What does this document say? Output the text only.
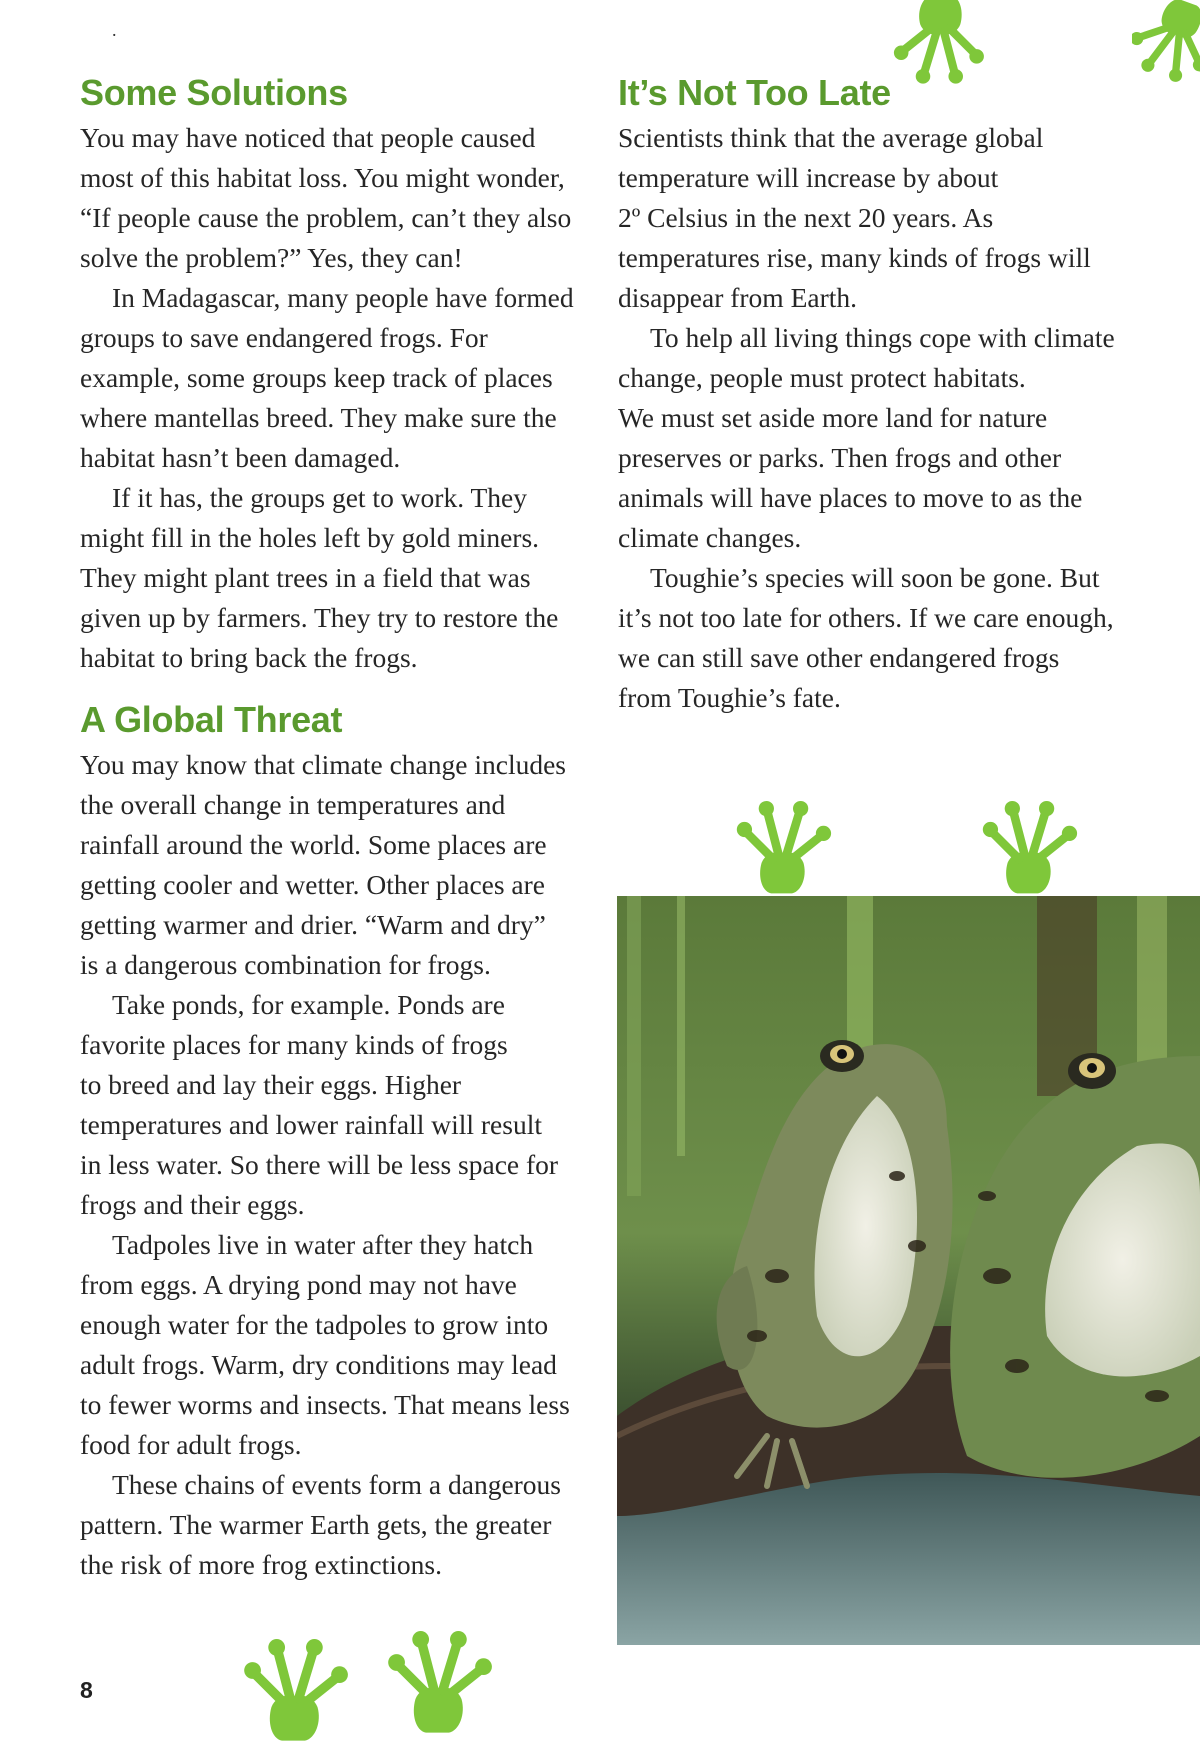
.
Some Solutions
You may have noticed that people caused
most of this habitat loss. You might wonder,
“If people cause the problem, can’t they also
solve the problem?” Yes, they can!
In Madagascar, many people have formed
groups to save endangered frogs. For
example, some groups keep track of places
where mantellas breed. They make sure the
habitat hasn’t been damaged.
If it has, the groups get to work. They
might fill in the holes left by gold miners.
They might plant trees in a field that was
given up by farmers. They try to restore the
habitat to bring back the frogs.
A Global Threat
You may know that climate change includes
the overall change in temperatures and
rainfall around the world. Some places are
getting cooler and wetter. Other places are
getting warmer and drier. “Warm and dry”
is a dangerous combination for frogs.
Take ponds, for example. Ponds are
favorite places for many kinds of frogs
to breed and lay their eggs. Higher
temperatures and lower rainfall will result
in less water. So there will be less space for
frogs and their eggs.
Tadpoles live in water after they hatch
from eggs. A drying pond may not have
enough water for the tadpoles to grow into
adult frogs. Warm, dry conditions may lead
to fewer worms and insects. That means less
food for adult frogs.
These chains of events form a dangerous
pattern. The warmer Earth gets, the greater
the risk of more frog extinctions.
It’s Not Too Late
Scientists think that the average global
temperature will increase by about
2º Celsius in the next 20 years. As
temperatures rise, many kinds of frogs will
disappear from Earth.
To help all living things cope with climate
change, people must protect habitats.
We must set aside more land for nature
preserves or parks. Then frogs and other
animals will have places to move to as the
climate changes.
Toughie’s species will soon be gone. But
it’s not too late for others. If we care enough,
we can still save other endangered frogs
from Toughie’s fate.
8
